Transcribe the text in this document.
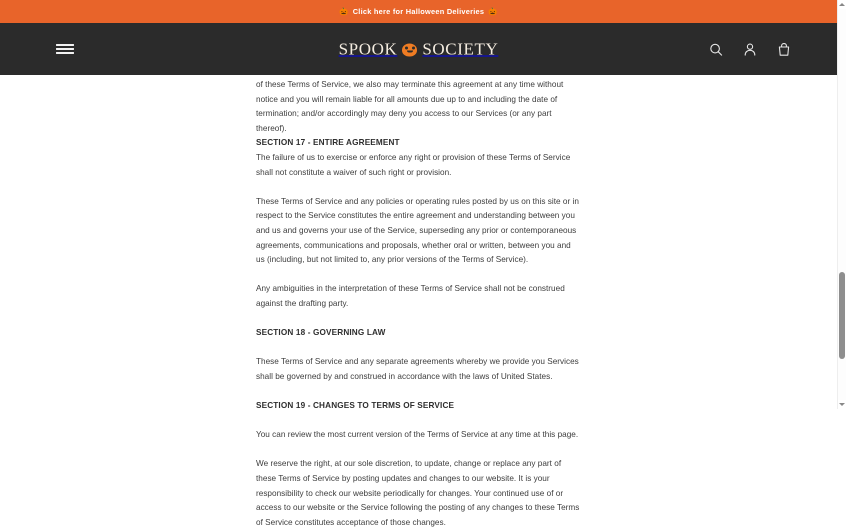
of these Terms of Service, we also may terminate this agreement at any time without notice and you will remain liable for all amounts due up to and including the date of termination; and/or accordingly may deny you access to our Services (or any part thereof).

SECTION 17 - ENTIRE AGREEMENT

The failure of us to exercise or enforce any right or provision of these Terms of Service shall not constitute a waiver of such right or provision.

These Terms of Service and any policies or operating rules posted by us on this site or in respect to the Service constitutes the entire agreement and understanding between you and us and governs your use of the Service, superseding any prior or contemporaneous agreements, communications and proposals, whether oral or written, between you and us (including, but not limited to, any prior versions of the Terms of Service).

Any ambiguities in the interpretation of these Terms of Service shall not be construed against the drafting party.

SECTION 18 - GOVERNING LAW

These Terms of Service and any separate agreements whereby we provide you Services shall be governed by and construed in accordance with the laws of United States.

SECTION 19 - CHANGES TO TERMS OF SERVICE

You can review the most current version of the Terms of Service at any time at this page.

We reserve the right, at our sole discretion, to update, change or replace any part of these Terms of Service by posting updates and changes to our website. It is your responsibility to check our website periodically for changes. Your continued use of or access to our website or the Service following the posting of any changes to these Terms of Service constitutes acceptance of those changes.

🎃 Click here for Halloween Deliveries 🎃
SPOOK SOCIETY
